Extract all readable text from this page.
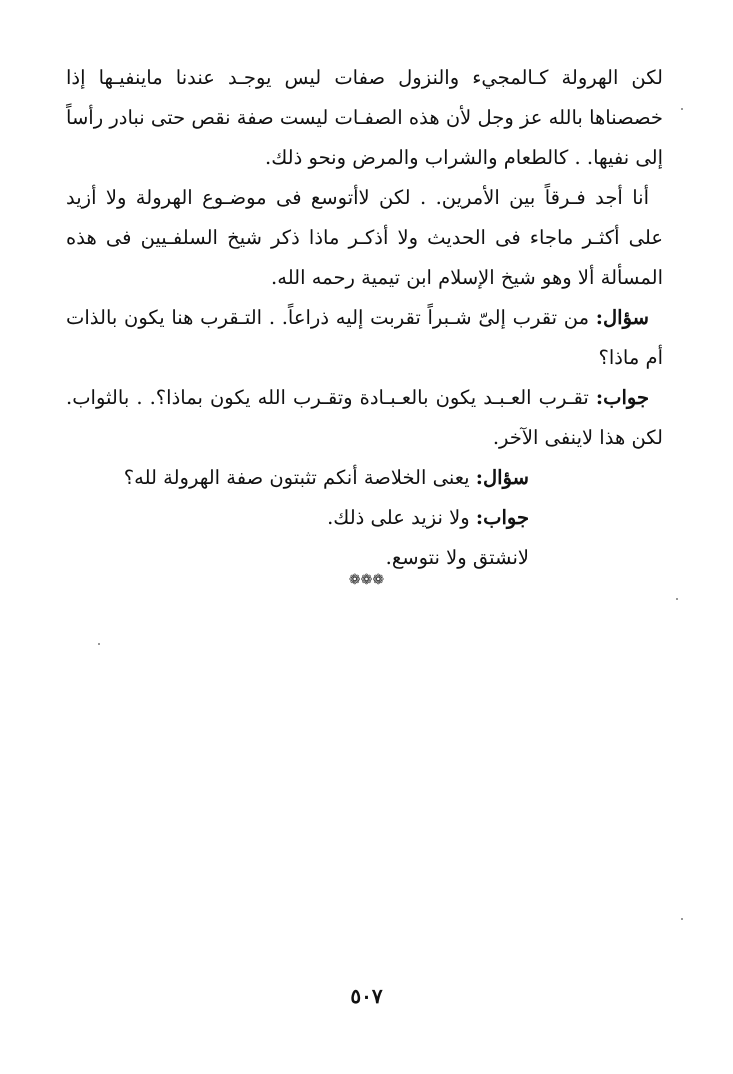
لكن الهرولة كـالمجيء والنزول صفات ليس يوجـد عندنا ماينفيـها إذا خصصناها بالله عز وجل لأن هذه الصفـات ليست صفة نقص حتى نبادر رأساً إلى نفيها. . كالطعام والشراب والمرض ونحو ذلك.

أنا أجد فـرقاً بين الأمرين. . لكن لاأتوسع فى موضـوع الهرولة ولا أزيد على أكثـر ماجاء فى الحديث ولا أذكـر ماذا ذكر شيخ السلفـيين فى هذه المسألة ألا وهو شيخ الإسلام ابن تيمية رحمه الله.

سؤال: من تقرب إلىّ شـبراً تقربت إليه ذراعاً. . التـقرب هنا يكون بالذات أم ماذا؟

جواب: تقـرب العـبـد يكون بالعـبـادة وتقـرب الله يكون بماذا؟. . بالثواب. لكن هذا لاينفى الآخر.

سؤال: يعنى الخلاصة أنكم تثبتون صفة الهرولة لله؟

جواب: ولا نزيد على ذلك.

لانشتق ولا نتوسع.

❁❁❁
٥٠٧
